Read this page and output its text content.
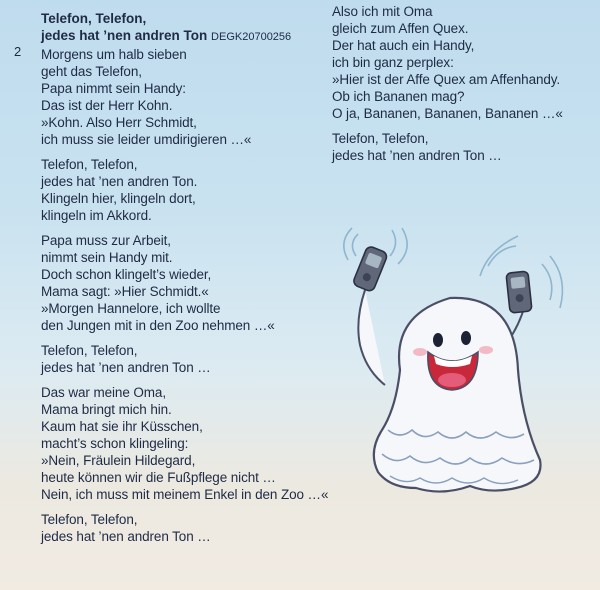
2
Telefon, Telefon,
jedes hat ’nen andren Ton DEGK20700256
Morgens um halb sieben
geht das Telefon,
Papa nimmt sein Handy:
Das ist der Herr Kohn.
»Kohn. Also Herr Schmidt,
ich muss sie leider umdirigieren …«
Telefon, Telefon,
jedes hat ’nen andren Ton.
Klingeln hier, klingeln dort,
klingeln im Akkord.
Papa muss zur Arbeit,
nimmt sein Handy mit.
Doch schon klingelt’s wieder,
Mama sagt: »Hier Schmidt.«
»Morgen Hannelore, ich wollte
den Jungen mit in den Zoo nehmen …«
Telefon, Telefon,
jedes hat ’nen andren Ton …
Das war meine Oma,
Mama bringt mich hin.
Kaum hat sie ihr Küsschen,
macht’s schon klingeling:
»Nein, Fräulein Hildegard,
heute können wir die Fußpflege nicht …
Nein, ich muss mit meinem Enkel in den Zoo …«
Telefon, Telefon,
jedes hat ’nen andren Ton …
Also ich mit Oma
gleich zum Affen Quex.
Der hat auch ein Handy,
ich bin ganz perplex:
»Hier ist der Affe Quex am Affenhandy.
Ob ich Bananen mag?
O ja, Bananen, Bananen, Bananen …«
Telefon, Telefon,
jedes hat ’nen andren Ton …
